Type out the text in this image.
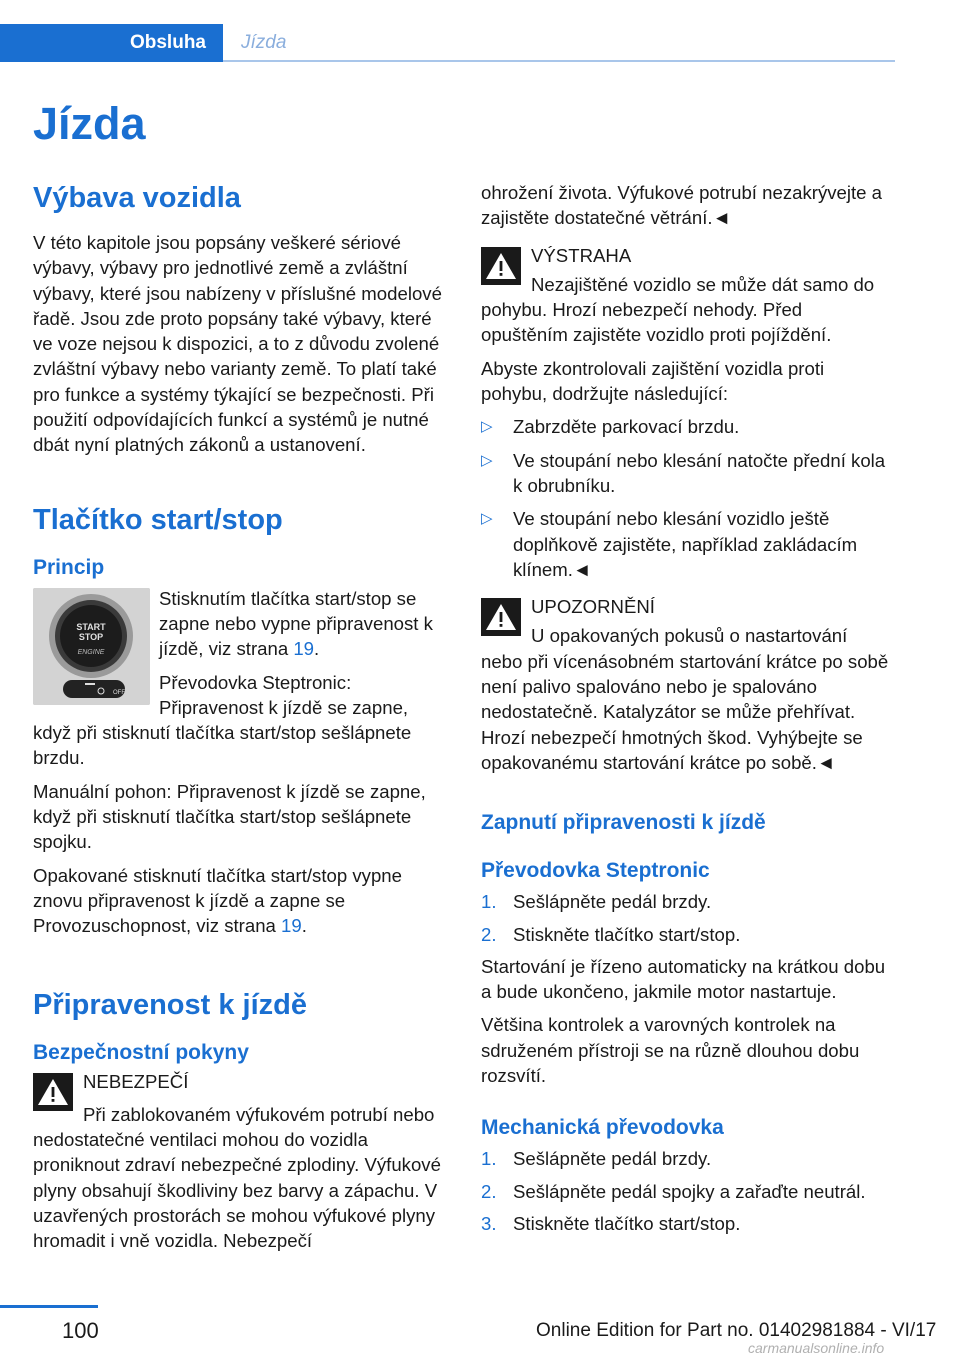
Obsluha Jízda
Jízda
Výbava vozidla

V této kapitole jsou popsány veškeré sériové výbavy, výbavy pro jednotlivé země a zvláštní výbavy, které jsou nabízeny v příslušné modelové řadě. Jsou zde proto popsány také výbavy, které ve voze nejsou k dispozici, a to z důvodu zvolené zvláštní výbavy nebo varianty země. To platí také pro funkce a systémy týkající se bezpečnosti. Při použití odpovídajících funkcí a systémů je nutné dbát nyní platných zákonů a ustanovení.

Tlačítko start/stop
Princip
START
STOP
ENGINE
OFF

Stisknutím tlačítka start/stop se zapne nebo vypne připravenost k jízdě, viz strana 19.

Převodovka Steptronic: Připravenost k jízdě se zapne, když při stisknutí tlačítka start/stop sešlápnete brzdu.

Manuální pohon: Připravenost k jízdě se zapne, když při stisknutí tlačítka start/stop sešlápnete spojku.

Opakované stisknutí tlačítka start/stop vypne znovu připravenost k jízdě a zapne se Provozuschopnost, viz strana 19.

Připravenost k jízdě
Bezpečnostní pokyny

NEBEZPEČÍ

Při zablokovaném výfukovém potrubí nebo nedostatečné ventilaci mohou do vozidla proniknout zdraví nebezpečné zplodiny. Výfukové plyny obsahují škodliviny bez barvy a zápachu. V uzavřených prostorách se mohou výfukové plyny hromadit i vně vozidla. Nebezpečí

ohrožení života. Výfukové potrubí nezakrývejte a zajistěte dostatečné větrání.◄

VÝSTRAHA

Nezajištěné vozidlo se může dát samo do pohybu. Hrozí nebezpečí nehody. Před opuštěním zajistěte vozidlo proti pojíždění.

Abyste zkontrolovali zajištění vozidla proti pohybu, dodržujte následující:

▷ Zabrzděte parkovací brzdu.
▷ Ve stoupání nebo klesání natočte přední kola k obrubníku.
▷ Ve stoupání nebo klesání vozidlo ještě doplňkově zajistěte, například zakládacím klínem.◄

UPOZORNĚNÍ

U opakovaných pokusů o nastartování nebo při vícenásobném startování krátce po sobě není palivo spalováno nebo je spalováno nedostatečně. Katalyzátor se může přehřívat. Hrozí nebezpečí hmotných škod. Vyhýbejte se opakovanému startování krátce po sobě.◄

Zapnutí připravenosti k jízdě
Převodovka Steptronic
1. Sešlápněte pedál brzdy.
2. Stiskněte tlačítko start/stop.

Startování je řízeno automaticky na krátkou dobu a bude ukončeno, jakmile motor nastartuje.

Většina kontrolek a varovných kontrolek na sdruženém přístroji se na různě dlouhou dobu rozsvítí.

Mechanická převodovka
1. Sešlápněte pedál brzdy.
2. Sešlápněte pedál spojky a zařaďte neutrál.
3. Stiskněte tlačítko start/stop.
100	Online Edition for Part no. 01402981884 - VI/17
carmanualsonline.info
